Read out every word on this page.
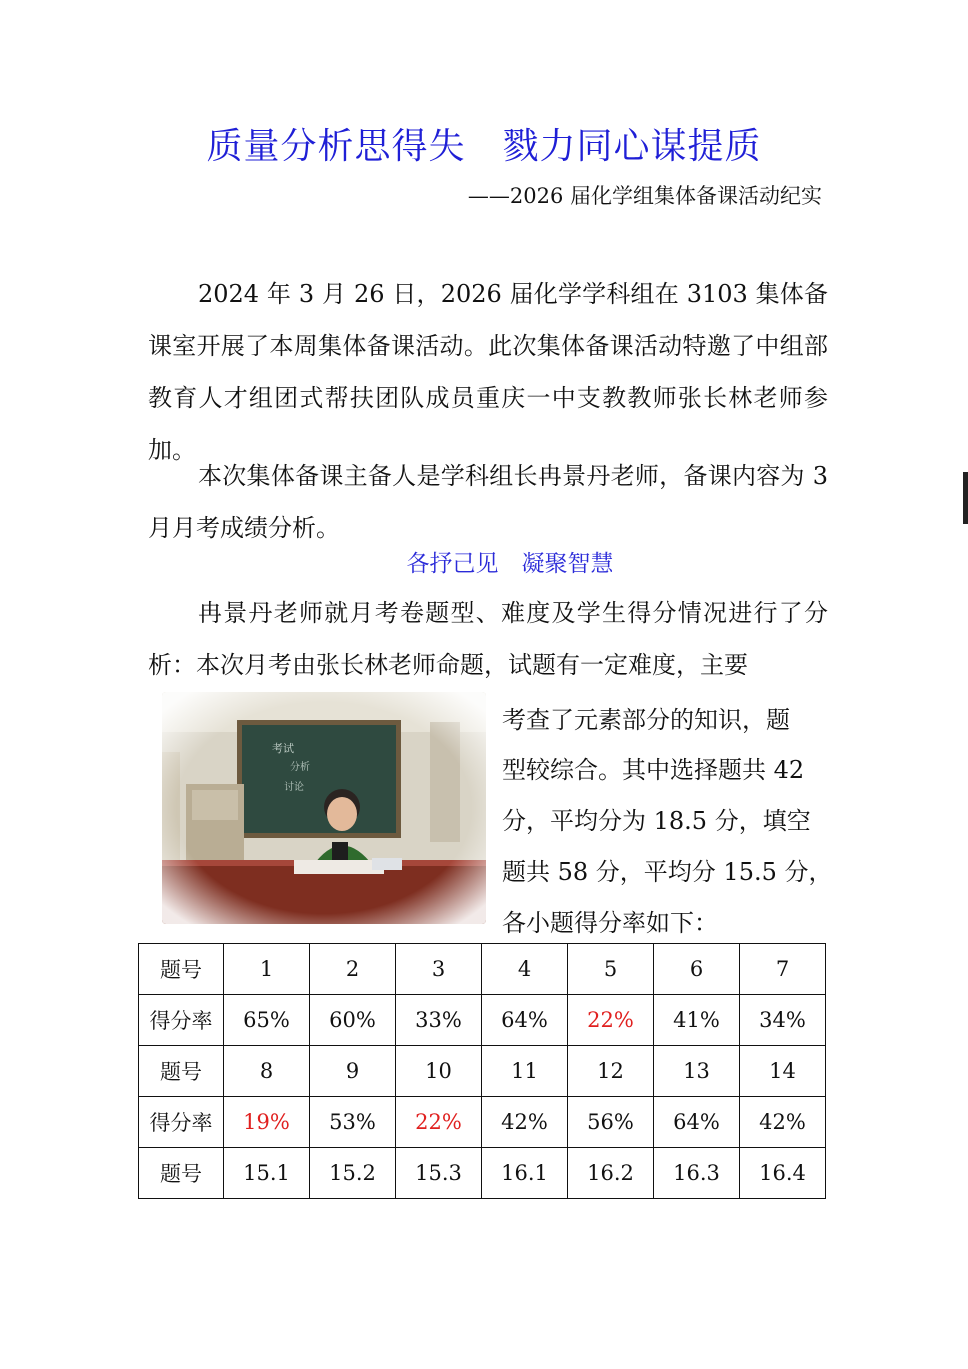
质量分析思得失　戮力同心谋提质
——2026 届化学组集体备课活动纪实

2024 年 3 月 26 日，2026 届化学学科组在 3103 集体备课室开展了本周集体备课活动。此次集体备课活动特邀了中组部教育人才组团式帮扶团队成员重庆一中支教教师张长林老师参加。

本次集体备课主备人是学科组长冉景丹老师，备课内容为 3 月月考成绩分析。

各抒己见　凝聚智慧

冉景丹老师就月考卷题型、难度及学生得分情况进行了分析：本次月考由张长林老师命题，试题有一定难度，主要

考查了元素部分的知识，题
型较综合。其中选择题共 42
分，平均分为 18.5 分，填空
题共 58 分，平均分 15.5 分，
各小题得分率如下：
题号	1	2	3	4	5	6	7
得分率	65%	60%	33%	64%	22%	41%	34%
题号	8	9	10	11	12	13	14
得分率	19%	53%	22%	42%	56%	64%	42%
题号	15.1	15.2	15.3	16.1	16.2	16.3	16.4
